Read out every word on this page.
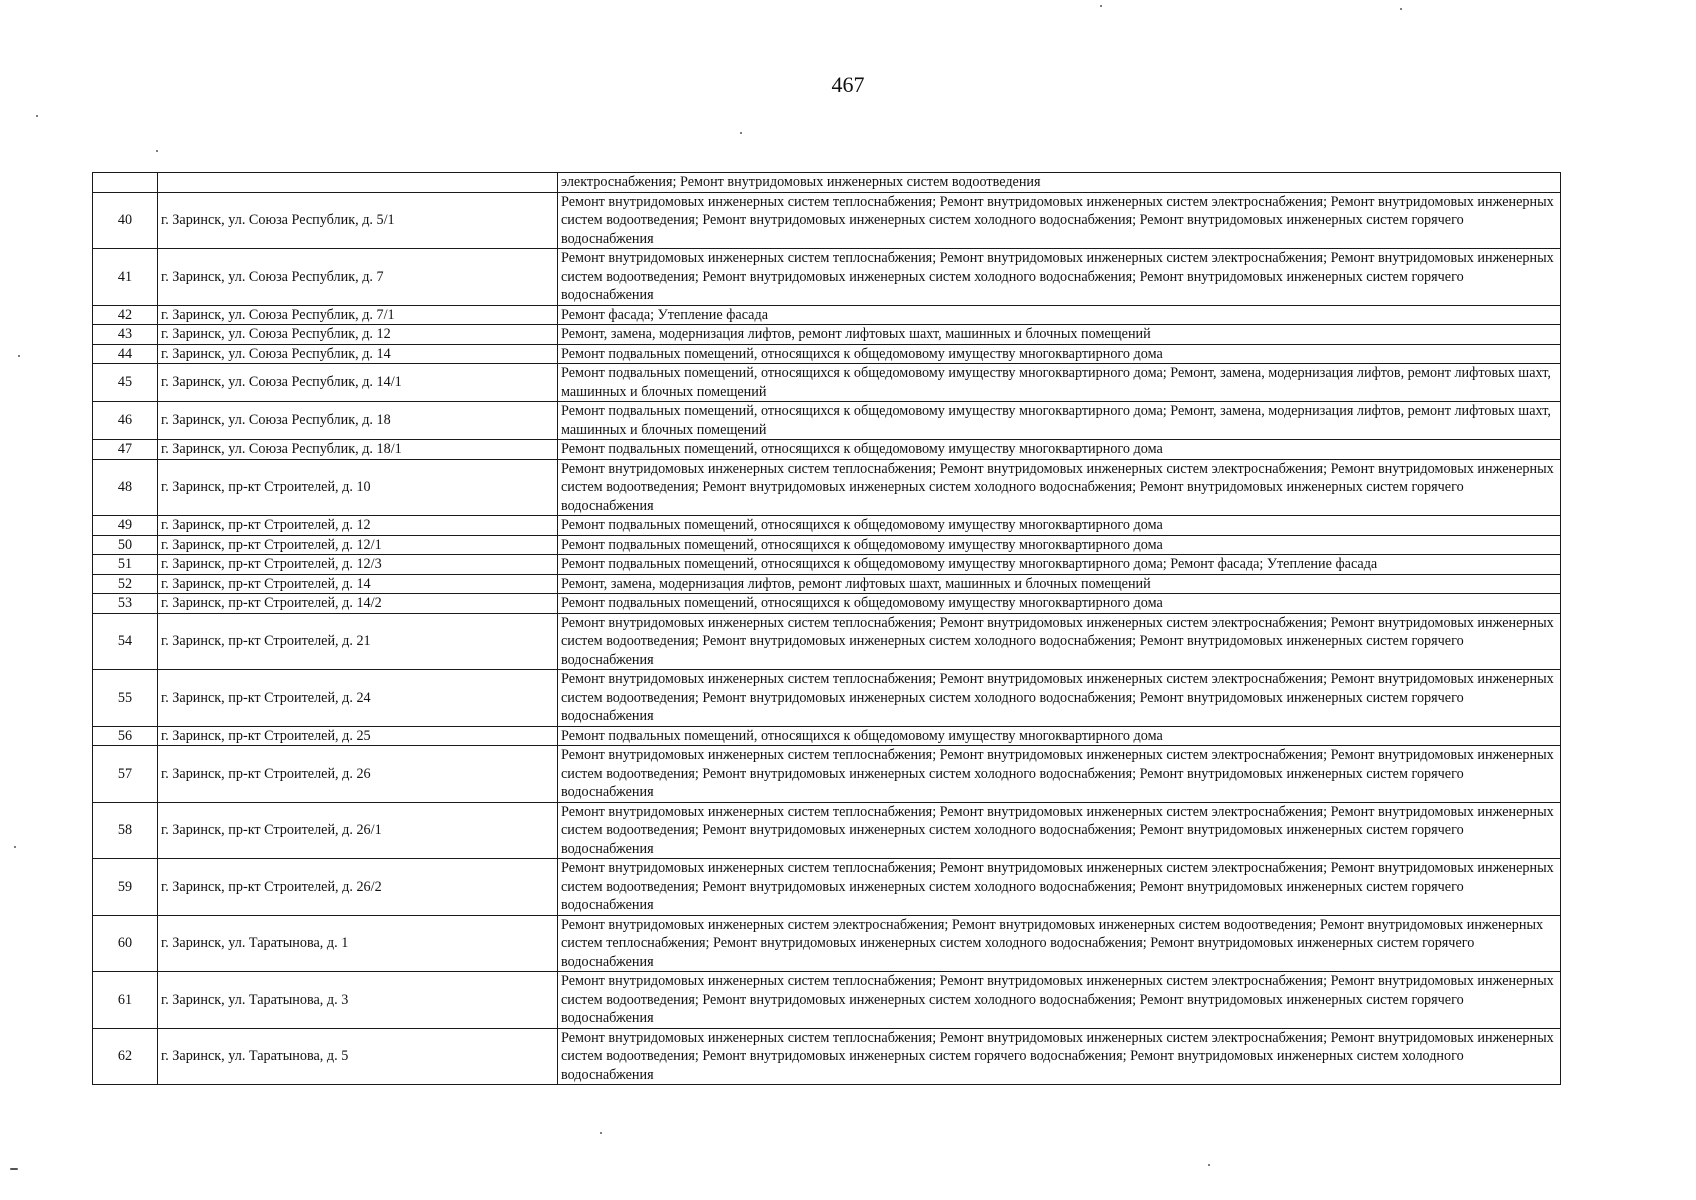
467
		электроснабжения; Ремонт внутридомовых инженерных систем водоотведения
40	г. Заринск, ул. Союза Республик, д. 5/1	Ремонт внутридомовых инженерных систем теплоснабжения; Ремонт внутридомовых инженерных систем электроснабжения; Ремонт внутридомовых инженерных систем водоотведения; Ремонт внутридомовых инженерных систем холодного водоснабжения; Ремонт внутридомовых инженерных систем горячего водоснабжения
41	г. Заринск, ул. Союза Республик, д. 7	Ремонт внутридомовых инженерных систем теплоснабжения; Ремонт внутридомовых инженерных систем электроснабжения; Ремонт внутридомовых инженерных систем водоотведения; Ремонт внутридомовых инженерных систем холодного водоснабжения; Ремонт внутридомовых инженерных систем горячего водоснабжения
42	г. Заринск, ул. Союза Республик, д. 7/1	Ремонт фасада; Утепление фасада
43	г. Заринск, ул. Союза Республик, д. 12	Ремонт, замена, модернизация лифтов, ремонт лифтовых шахт, машинных и блочных помещений
44	г. Заринск, ул. Союза Республик, д. 14	Ремонт подвальных помещений, относящихся к общедомовому имуществу многоквартирного дома
45	г. Заринск, ул. Союза Республик, д. 14/1	Ремонт подвальных помещений, относящихся к общедомовому имуществу многоквартирного дома; Ремонт, замена, модернизация лифтов, ремонт лифтовых шахт, машинных и блочных помещений
46	г. Заринск, ул. Союза Республик, д. 18	Ремонт подвальных помещений, относящихся к общедомовому имуществу многоквартирного дома; Ремонт, замена, модернизация лифтов, ремонт лифтовых шахт, машинных и блочных помещений
47	г. Заринск, ул. Союза Республик, д. 18/1	Ремонт подвальных помещений, относящихся к общедомовому имуществу многоквартирного дома
48	г. Заринск, пр-кт Строителей, д. 10	Ремонт внутридомовых инженерных систем теплоснабжения; Ремонт внутридомовых инженерных систем электроснабжения; Ремонт внутридомовых инженерных систем водоотведения; Ремонт внутридомовых инженерных систем холодного водоснабжения; Ремонт внутридомовых инженерных систем горячего водоснабжения
49	г. Заринск, пр-кт Строителей, д. 12	Ремонт подвальных помещений, относящихся к общедомовому имуществу многоквартирного дома
50	г. Заринск, пр-кт Строителей, д. 12/1	Ремонт подвальных помещений, относящихся к общедомовому имуществу многоквартирного дома
51	г. Заринск, пр-кт Строителей, д. 12/3	Ремонт подвальных помещений, относящихся к общедомовому имуществу многоквартирного дома; Ремонт фасада; Утепление фасада
52	г. Заринск, пр-кт Строителей, д. 14	Ремонт, замена, модернизация лифтов, ремонт лифтовых шахт, машинных и блочных помещений
53	г. Заринск, пр-кт Строителей, д. 14/2	Ремонт подвальных помещений, относящихся к общедомовому имуществу многоквартирного дома
54	г. Заринск, пр-кт Строителей, д. 21	Ремонт внутридомовых инженерных систем теплоснабжения; Ремонт внутридомовых инженерных систем электроснабжения; Ремонт внутридомовых инженерных систем водоотведения; Ремонт внутридомовых инженерных систем холодного водоснабжения; Ремонт внутридомовых инженерных систем горячего водоснабжения
55	г. Заринск, пр-кт Строителей, д. 24	Ремонт внутридомовых инженерных систем теплоснабжения; Ремонт внутридомовых инженерных систем электроснабжения; Ремонт внутридомовых инженерных систем водоотведения; Ремонт внутридомовых инженерных систем холодного водоснабжения; Ремонт внутридомовых инженерных систем горячего водоснабжения
56	г. Заринск, пр-кт Строителей, д. 25	Ремонт подвальных помещений, относящихся к общедомовому имуществу многоквартирного дома
57	г. Заринск, пр-кт Строителей, д. 26	Ремонт внутридомовых инженерных систем теплоснабжения; Ремонт внутридомовых инженерных систем электроснабжения; Ремонт внутридомовых инженерных систем водоотведения; Ремонт внутридомовых инженерных систем холодного водоснабжения; Ремонт внутридомовых инженерных систем горячего водоснабжения
58	г. Заринск, пр-кт Строителей, д. 26/1	Ремонт внутридомовых инженерных систем теплоснабжения; Ремонт внутридомовых инженерных систем электроснабжения; Ремонт внутридомовых инженерных систем водоотведения; Ремонт внутридомовых инженерных систем холодного водоснабжения; Ремонт внутридомовых инженерных систем горячего водоснабжения
59	г. Заринск, пр-кт Строителей, д. 26/2	Ремонт внутридомовых инженерных систем теплоснабжения; Ремонт внутридомовых инженерных систем электроснабжения; Ремонт внутридомовых инженерных систем водоотведения; Ремонт внутридомовых инженерных систем холодного водоснабжения; Ремонт внутридомовых инженерных систем горячего водоснабжения
60	г. Заринск, ул. Таратынова, д. 1	Ремонт внутридомовых инженерных систем электроснабжения; Ремонт внутридомовых инженерных систем водоотведения; Ремонт внутридомовых инженерных систем теплоснабжения; Ремонт внутридомовых инженерных систем холодного водоснабжения; Ремонт внутридомовых инженерных систем горячего водоснабжения
61	г. Заринск, ул. Таратынова, д. 3	Ремонт внутридомовых инженерных систем теплоснабжения; Ремонт внутридомовых инженерных систем электроснабжения; Ремонт внутридомовых инженерных систем водоотведения; Ремонт внутридомовых инженерных систем холодного водоснабжения; Ремонт внутридомовых инженерных систем горячего водоснабжения
62	г. Заринск, ул. Таратынова, д. 5	Ремонт внутридомовых инженерных систем теплоснабжения; Ремонт внутридомовых инженерных систем электроснабжения; Ремонт внутридомовых инженерных систем водоотведения; Ремонт внутридомовых инженерных систем горячего водоснабжения; Ремонт внутридомовых инженерных систем холодного водоснабжения
